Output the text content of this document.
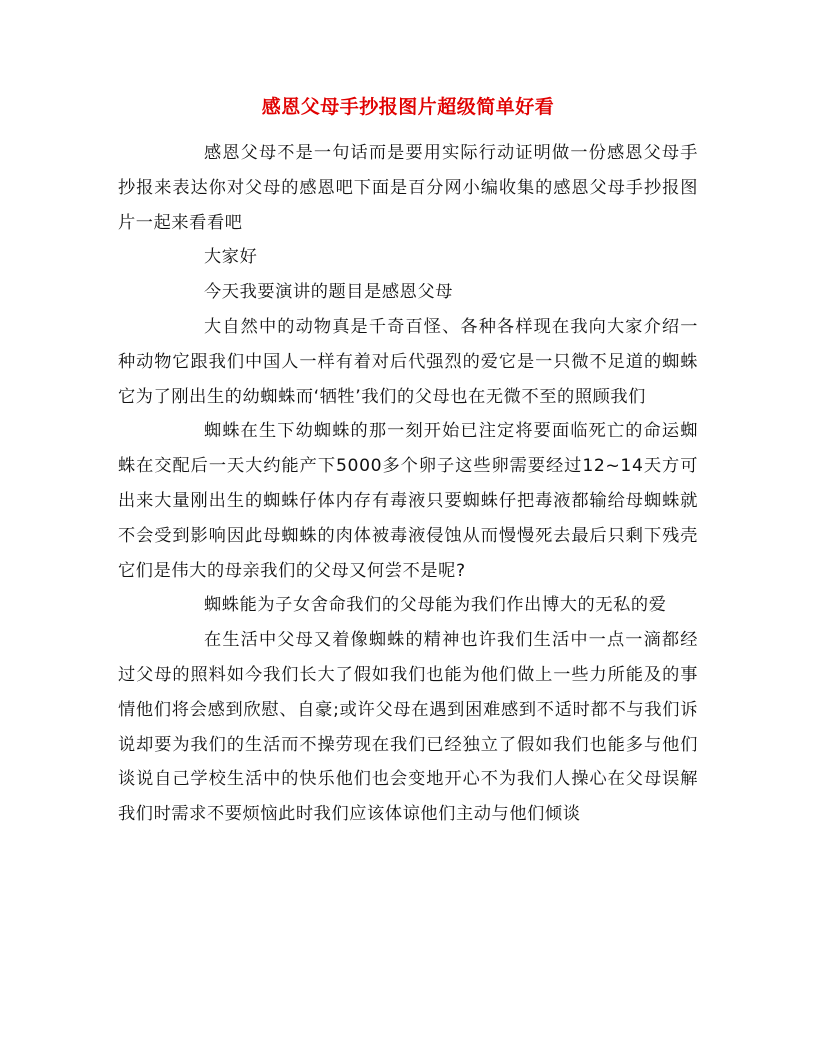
感恩父母手抄报图片超级简单好看

感恩父母不是一句话而是要用实际行动证明做一份感恩父母手抄报来表达你对父母的感恩吧下面是百分网小编收集的感恩父母手抄报图片一起来看看吧

大家好

今天我要演讲的题目是感恩父母

大自然中的动物真是千奇百怪、各种各样现在我向大家介绍一种动物它跟我们中国人一样有着对后代强烈的爱它是一只微不足道的蜘蛛它为了刚出生的幼蜘蛛而‘牺牲’我们的父母也在无微不至的照顾我们

蜘蛛在生下幼蜘蛛的那一刻开始已注定将要面临死亡的命运蜘蛛在交配后一天大约能产下5000多个卵子这些卵需要经过12~14天方可出来大量刚出生的蜘蛛仔体内存有毒液只要蜘蛛仔把毒液都输给母蜘蛛就不会受到影响因此母蜘蛛的肉体被毒液侵蚀从而慢慢死去最后只剩下残壳它们是伟大的母亲我们的父母又何尝不是呢?

蜘蛛能为子女舍命我们的父母能为我们作出博大的无私的爱

在生活中父母又着像蜘蛛的精神也许我们生活中一点一滴都经过父母的照料如今我们长大了假如我们也能为他们做上一些力所能及的事情他们将会感到欣慰、自豪;或许父母在遇到困难感到不适时都不与我们诉说却要为我们的生活而不操劳现在我们已经独立了假如我们也能多与他们谈说自己学校生活中的快乐他们也会变地开心不为我们人操心在父母误解我们时需求不要烦恼此时我们应该体谅他们主动与他们倾谈
